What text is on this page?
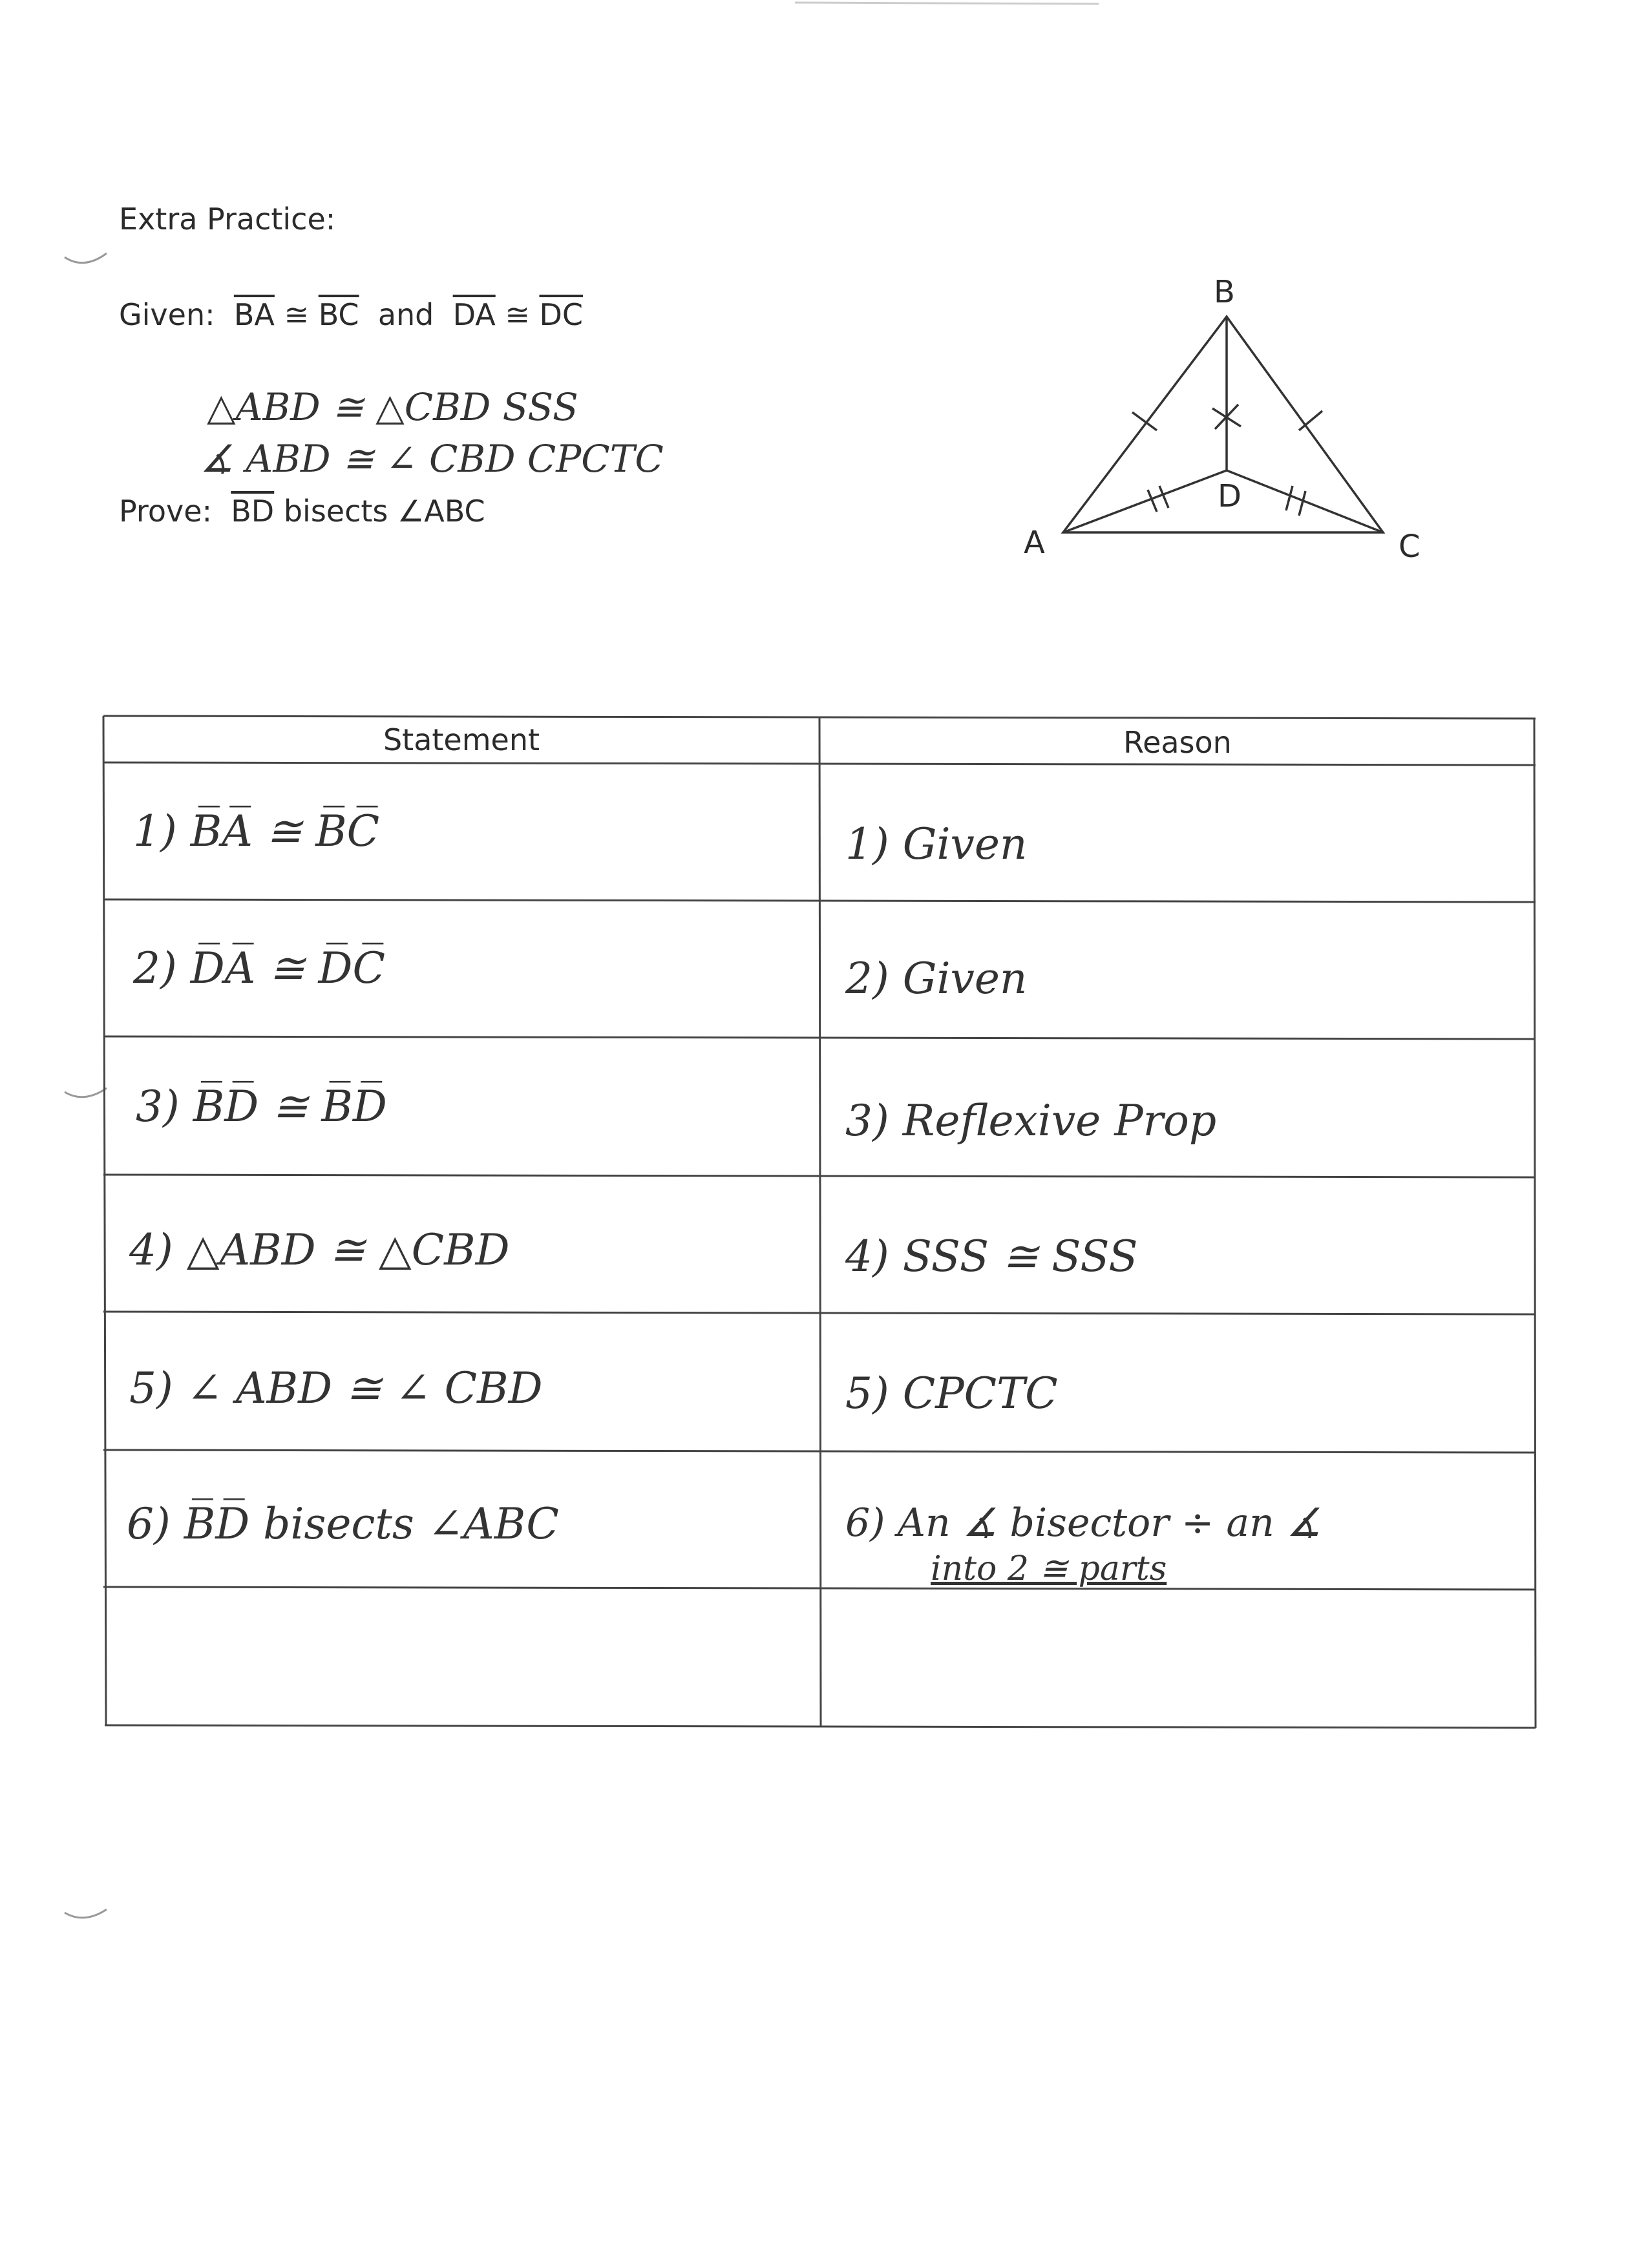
Extra Practice:
Given: $\overline{BA}$ ≅ $\overline{BC}$ and $\overline{DA}$ ≅ $\overline{DC}$
△ABD ≅ △CBD SSS
∡ ABD ≅ ∠ CBD CPCTC
Prove: $\overline{BD}$ bisects ∠ABC
B
D
A	C
Statement	Reason
1) B̅A̅ ≅ B̅C̅	1) Given
2) D̅A̅ ≅ D̅C̅	2) Given
3) B̅D̅ ≅ B̅D̅	3) Reflexive Prop
4) △ABD ≅ △CBD	4) SSS ≅ SSS
5) ∠ ABD ≅ ∠ CBD	5) CPCTC
6) B̅D̅ bisects ∠ABC	6) An ∡ bisector ÷ an ∡
into 2 ≅ parts
